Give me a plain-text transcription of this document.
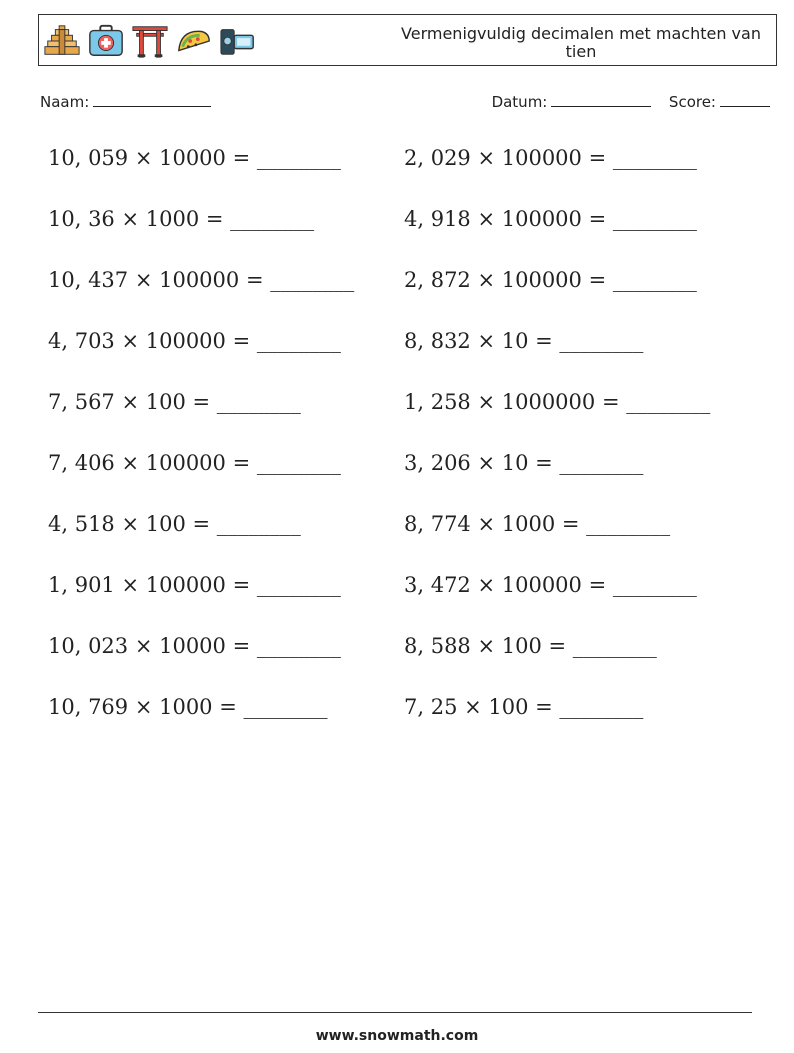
Vermenigvuldig decimalen met machten van tien
Naam:	Datum:	Score:
10, 059 × 10000 = ________	2, 029 × 100000 = ________
10, 36 × 1000 = ________	4, 918 × 100000 = ________
10, 437 × 100000 = ________	2, 872 × 100000 = ________
4, 703 × 100000 = ________	8, 832 × 10 = ________
7, 567 × 100 = ________	1, 258 × 1000000 = ________
7, 406 × 100000 = ________	3, 206 × 10 = ________
4, 518 × 100 = ________	8, 774 × 1000 = ________
1, 901 × 100000 = ________	3, 472 × 100000 = ________
10, 023 × 10000 = ________	8, 588 × 100 = ________
10, 769 × 1000 = ________	7, 25 × 100 = ________
www.snowmath.com
